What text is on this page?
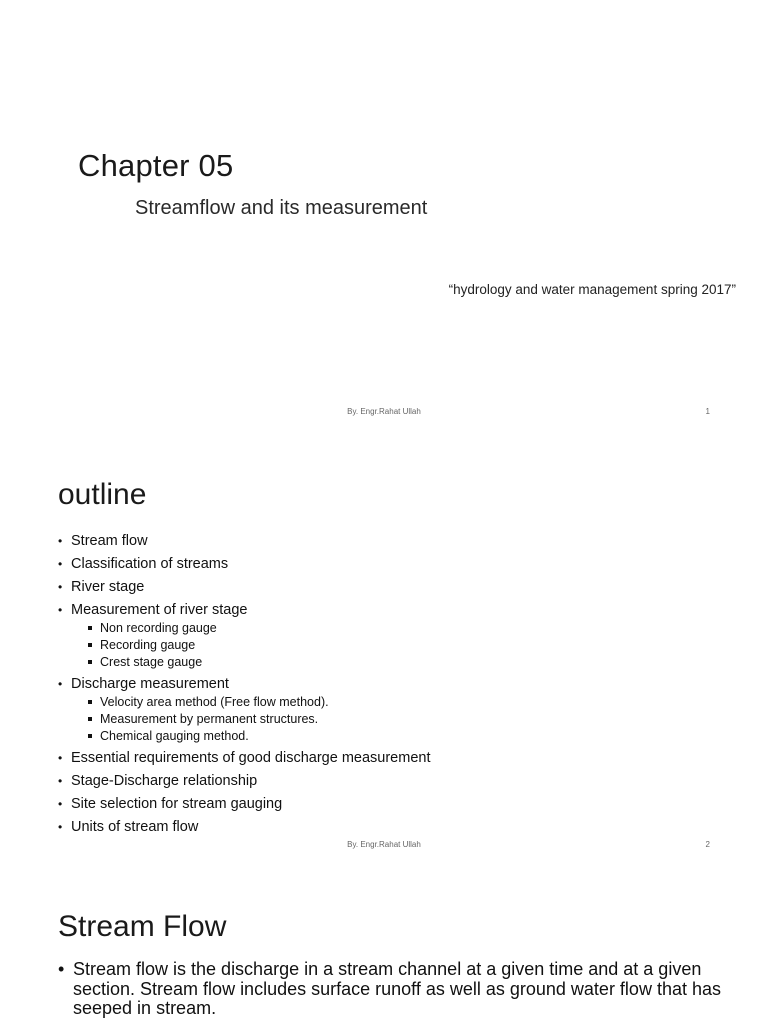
Chapter 05
Streamflow and its measurement
“hydrology and water management spring 2017”
By. Engr.Rahat Ullah	1
outline
• Stream flow
• Classification of streams
• River stage
• Measurement of river stage
Non recording gauge
Recording gauge
Crest stage gauge
• Discharge measurement
Velocity area method (Free flow method).
Measurement by permanent structures.
Chemical gauging method.
• Essential requirements of good discharge measurement
• Stage-Discharge relationship
• Site selection for stream gauging
• Units of stream flow
By. Engr.Rahat Ullah	2
Stream Flow
• Stream flow is the discharge in a stream channel at a given time and at a given section. Stream flow includes surface runoff as well as ground water flow that has seeped in stream.
